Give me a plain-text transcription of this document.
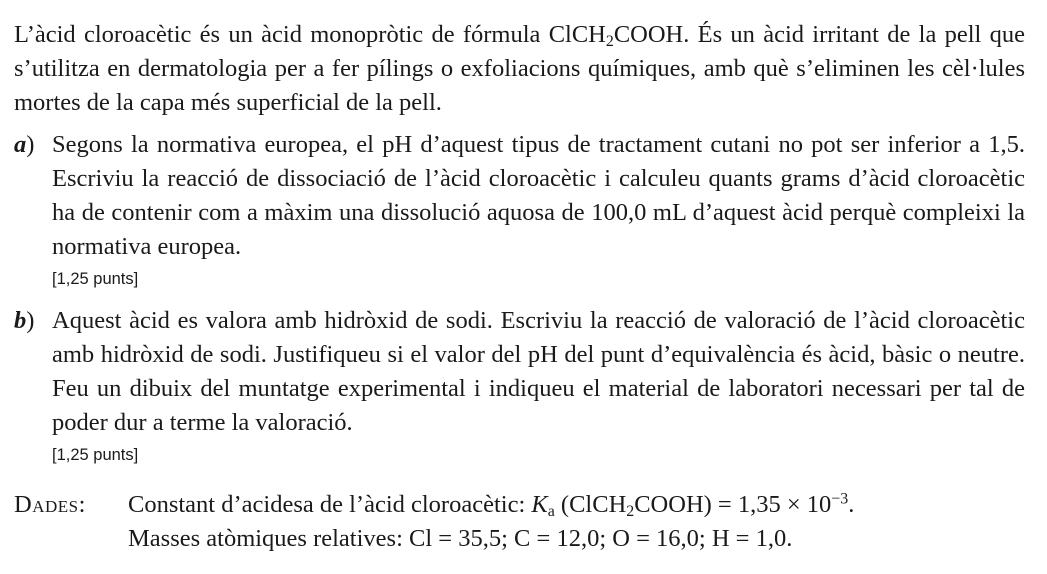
L’àcid cloroacètic és un àcid monopròtic de fórmula ClCH$_2$COOH. És un àcid irritant de la pell que s’utilitza en dermatologia per a fer pílings o exfoliacions químiques, amb què s’eliminen les cèl·lules mortes de la capa més superficial de la pell.

a) Segons la normativa europea, el pH d’aquest tipus de tractament cutani no pot ser inferior a 1,5. Escriviu la reacció de dissociació de l’àcid cloroacètic i calculeu quants grams d’àcid cloroacètic ha de contenir com a màxim una dissolució aquosa de 100,0 mL d’aquest àcid perquè compleixi la normativa europea.

[1,25 punts]
b) Aquest àcid es valora amb hidròxid de sodi. Escriviu la reacció de valoració de l’àcid cloroacètic amb hidròxid de sodi. Justifiqueu si el valor del pH del punt d’equivalència és àcid, bàsic o neutre. Feu un dibuix del muntatge experimental i indiqueu el material de laboratori necessari per tal de poder dur a terme la valoració.

[1,25 punts]
Dades:	Constant d’acidesa de l’àcid cloroacètic: $K_a$ (ClCH$_2$COOH) = $1,35 \times 10^{-3}$.
Masses atòmiques relatives: Cl = 35,5; C = 12,0; O = 16,0; H = 1,0.
